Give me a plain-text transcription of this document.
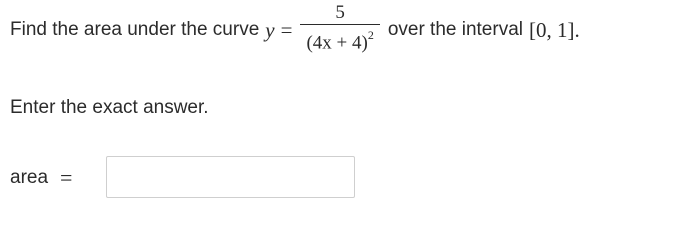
Find the area under the curve $y = \frac{5}{(4x + 4)^2}$ over the interval [0, 1] .
Enter the exact answer.
area =
